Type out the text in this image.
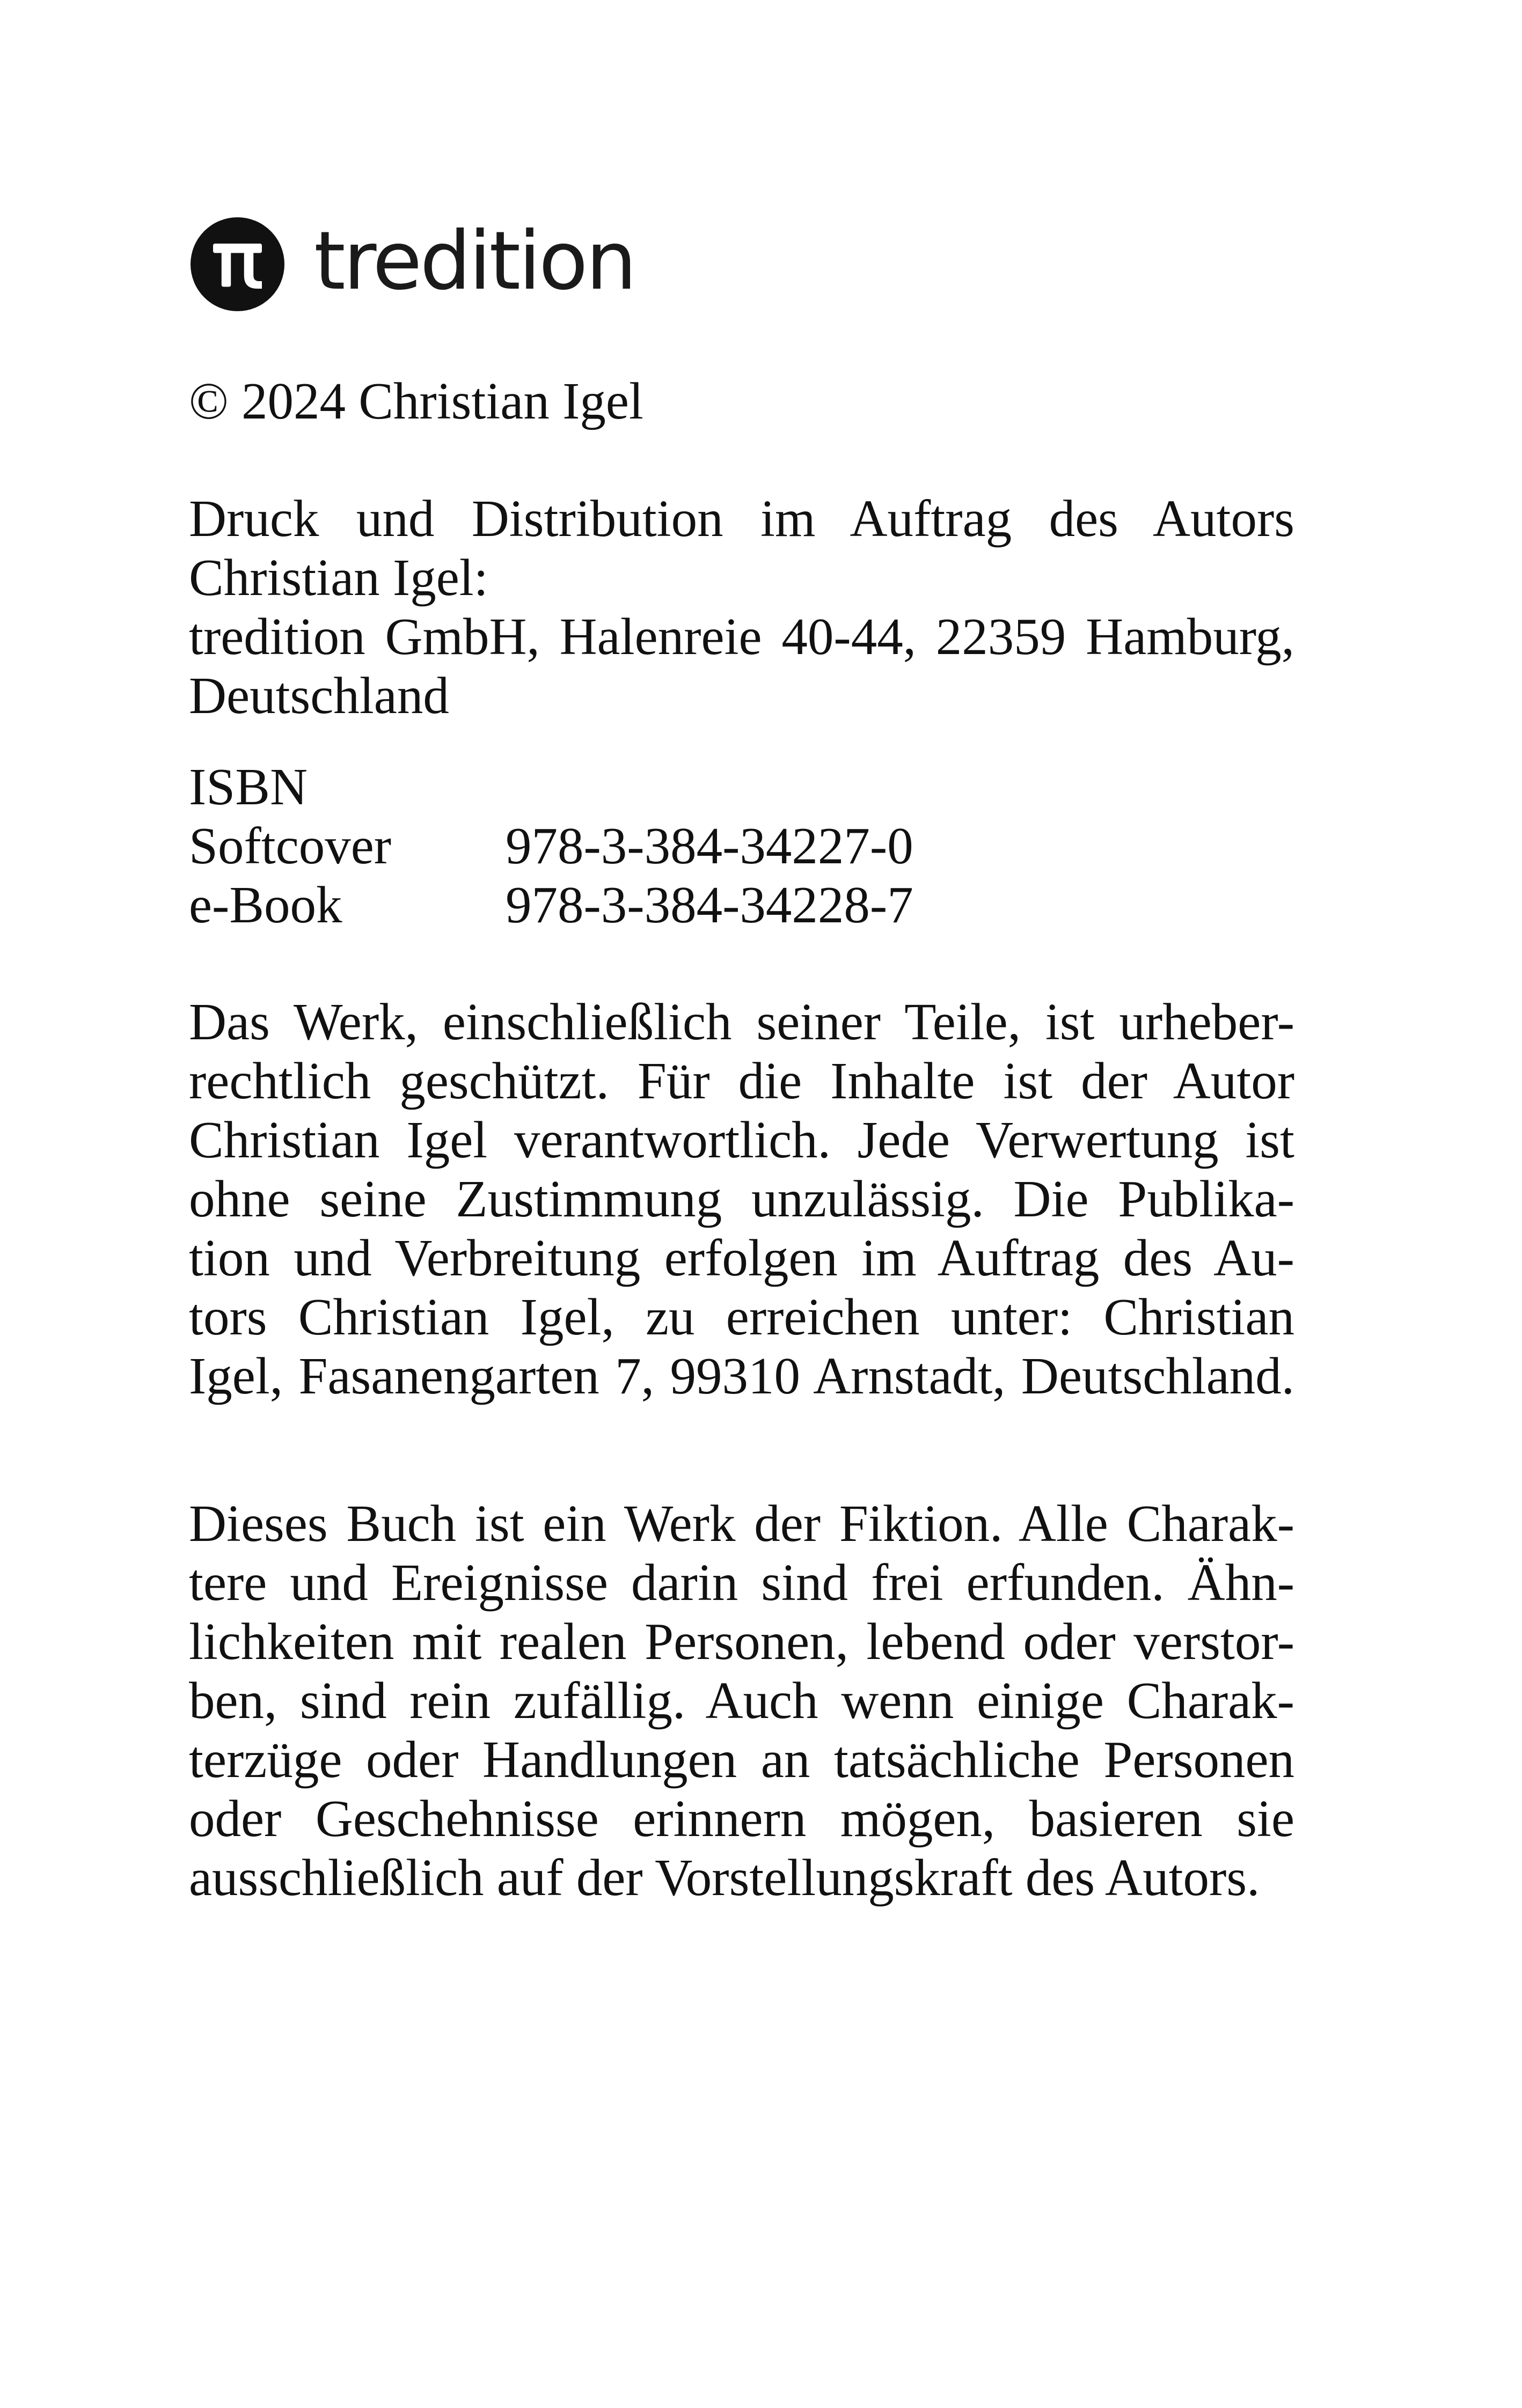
tredition
© 2024 Christian Igel
Druck und Distribution im Auftrag des Autors
Christian Igel:
tredition GmbH, Halenreie 40-44, 22359 Hamburg,
Deutschland
ISBN
Softcover	978-3-384-34227-0
e-Book	978-3-384-34228-7
Das Werk, einschließlich seiner Teile, ist urheber-
rechtlich geschützt. Für die Inhalte ist der Autor
Christian Igel verantwortlich. Jede Verwertung ist
ohne seine Zustimmung unzulässig. Die Publika-
tion und Verbreitung erfolgen im Auftrag des Au-
tors Christian Igel, zu erreichen unter: Christian
Igel, Fasanengarten 7, 99310 Arnstadt, Deutschland.
Dieses Buch ist ein Werk der Fiktion. Alle Charak-
tere und Ereignisse darin sind frei erfunden. Ähn-
lichkeiten mit realen Personen, lebend oder verstor-
ben, sind rein zufällig. Auch wenn einige Charak-
terzüge oder Handlungen an tatsächliche Personen
oder Geschehnisse erinnern mögen, basieren sie
ausschließlich auf der Vorstellungskraft des Autors.
